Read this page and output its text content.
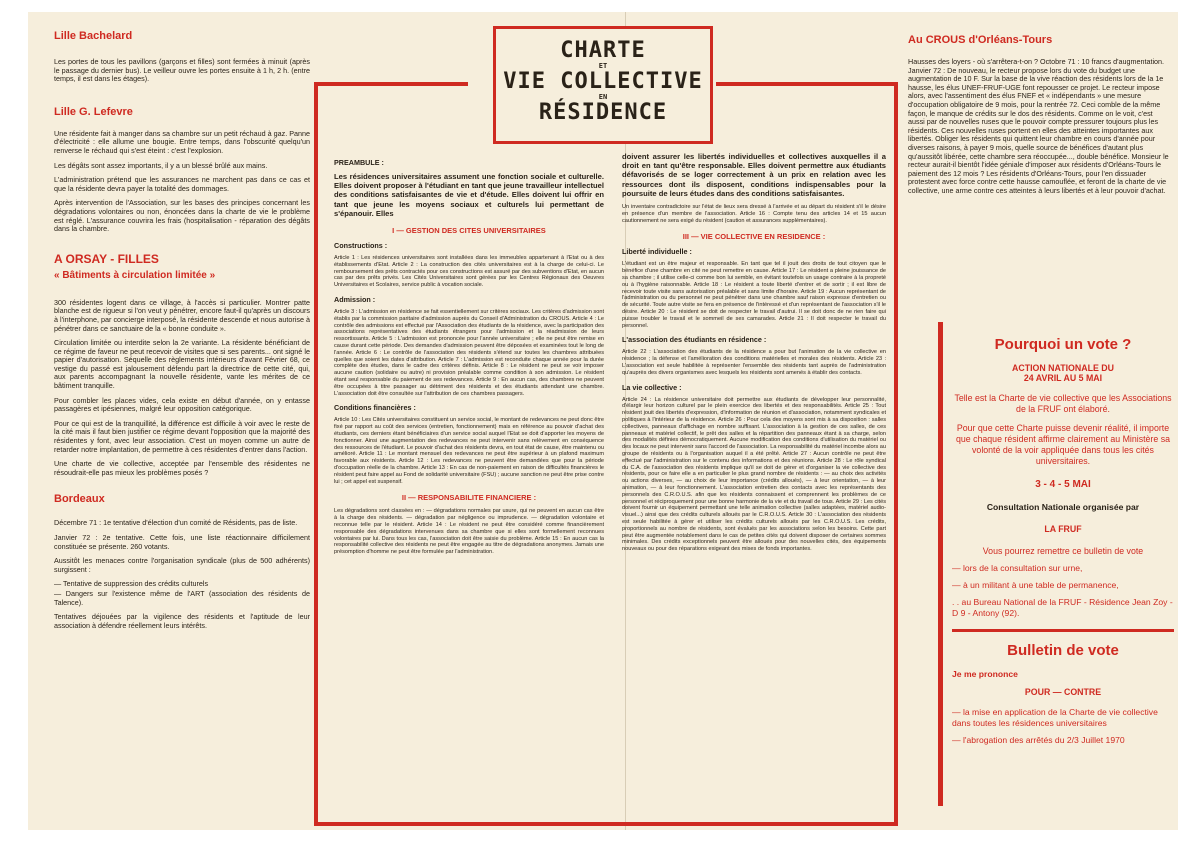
Lille Bachelard
Les portes de tous les pavillons (garçons et filles) sont fermées à minuit (après le passage du dernier bus). Le veilleur ouvre les portes ensuite à 1 h, 2 h. (entre temps, il est dans les étages).
Lille G. Lefevre
Une résidente fait à manger dans sa chambre sur un petit réchaud à gaz. Panne d'électricité : elle allume une bougie. Entre temps, dans l'obscurité quelqu'un renverse le réchaud qui s'est éteint : c'est l'explosion.
Les dégâts sont assez importants, il y a un blessé brûlé aux mains.
L'administration prétend que les assurances ne marchent pas dans ce cas et que la résidente devra payer la totalité des dommages.
Après intervention de l'Association, sur les bases des principes concernant les dégradations volontaires ou non, énoncées dans la charte de vie le problème est réglé. L'assurance couvrira les frais (hospitalisation - réparation des dégâts dans la chambre.
A ORSAY - FILLES
« Bâtiments à circulation limitée »
300 résidentes logent dans ce village, à l'accès si particulier. Montrer patte blanche est de rigueur si l'on veut y pénétrer, encore faut-il qu'après un discours à l'interphone, par concierge interposé, la résidente descende et nous autorise à pénétrer dans ce sanctuaire de la « bonne conduite ».
Circulation limitée ou interdite selon la 2e variante. La résidente bénéficiant de ce régime de faveur ne peut recevoir de visites que si ses parents... ont signé le papier d'autorisation. Séquelle des règlements intérieurs d'avant Février 68, ce vestige du passé est jalousement défendu part la directrice de cette cité, qui, aux parents accompagnant la nouvelle résidente, vante les mérites de ce bâtiment tranquille.
Pour combler les places vides, cela existe en début d'année, on y entasse passagères et ipésiennes, malgré leur opposition catégorique.
Pour ce qui est de la tranquillité, la différence est difficile à voir avec le reste de la cité mais il faut bien justifier ce régime devant l'opposition que la majorité des résidentes y font, avec leur association. C'est un moyen comme un autre de retarder notre implantation, de permettre à ces résidentes d'entrer dans l'action.
Une charte de vie collective, acceptée par l'ensemble des résidentes ne résoudrait-elle pas mieux les problèmes posés ?
Bordeaux
Décembre 71 : 1e tentative d'élection d'un comité de Résidents, pas de liste.
Janvier 72 : 2e tentative. Cette fois, une liste réactionnaire difficilement constituée se présente. 260 votants.
Aussitôt les menaces contre l'organisation syndicale (plus de 500 adhérents) surgissent :
— Tentative de suppression des crédits culturels
— Dangers sur l'existence même de l'ART (association des résidents de Talence).
Tentatives déjouées par la vigilence des résidents et l'aptitude de leur association à défendre réellement leurs intérêts.
CHARTE
ET
VIE COLLECTIVE
EN
RÉSIDENCE
PREAMBULE :
Les résidences universitaires assument une fonction sociale et culturelle. Elles doivent proposer à l'étudiant en tant que jeune travailleur intellectuel des conditions satisfaisantes de vie et d'étude. Elles doivent lui offrir en tant que jeune les moyens sociaux et culturels lui permettant de s'épanouir. Elles
I — GESTION DES CITES UNIVERSITAIRES
Constructions :
Article 1 : Les résidences universitaires sont installées dans les immeubles appartenant à l'Etat ou à des établissements d'Etat. Article 2 : La construction des cités universitaires est à la charge de celui-ci. Le remboursement des prêts contractés pour ces constructions est assuré par des subventions d'Etat, en aucun cas par des prêts privés. Les Cités Universitaires sont gérées par les Centres Régionaux des Oeuvres Universitaires et Scolaires, service public à vocation sociale.
Admission :
Article 3 : L'admission en résidence se fait essentiellement sur critères sociaux. Les critères d'admission sont établis par la commission paritaire d'admission auprès du Conseil d'Administration du CROUS. Article 4 : Le contrôle des admissions est effectué par l'Association des étudiants de la résidence, avec la participation des associations représentatives des étudiants étrangers pour l'admission et la réadmission de leurs ressortissants. Article 5 : L'admission est prononcée pour l'année universitaire ; elle ne peut être remise en cause durant cette période. Des demandes d'admission peuvent être déposées et examinées tout le long de l'année. Article 6 : Le contrôle de l'association des résidents s'étend sur toutes les chambres attribuées quelles que soient les dates d'attribution. Article 7 : L'admission est reconduite chaque année pour la durée complète des études, dans le cadre des critères définis. Article 8 : Le résident ne peut se voir imposer aucune caution (solidaire ou autre) ni provision préalable comme condition à son admission. Le résident étant seul responsable du paiement de ses redevances. Article 9 : En aucun cas, des chambres ne peuvent être occupées à titre passager au détriment des résidents et des étudiants attendant une chambre. L'association doit être consultée sur l'attribution de ces chambres passagers.
Conditions financières :
Article 10 : Les Cités universitaires constituent un service social, le montant de redevances ne peut donc être fixé par rapport au coût des services (entretien, fonctionnement) mais en référence au pouvoir d'achat des étudiants, ces derniers étant bénéficiaires d'un service social auquel l'Etat se doit d'apporter les moyens de fonctionner. Ainsi une augmentation des redevances ne peut intervenir sans relèvement en conséquence des ressources de l'étudiant. Le pouvoir d'achat des résidents devra, en tout état de cause, être maintenu ou amélioré. Article 11 : Le montant mensuel des redevances ne peut être supérieur à un plafond maximum favorable aux résidents. Article 12 : Les redevances ne peuvent être demandées que pour la période d'occupation réelle de la chambre. Article 13 : En cas de non-paiement en raison de difficultés financières le résident peut faire appel au Fond de solidarité universitaire (FSU) ; aucune sanction ne peut être prise contre lui ; cet appel est suspensif.
II — RESPONSABILITE FINANCIERE :
Les dégradations sont classées en : — dégradations normales par usure, qui ne peuvent en aucun cas être à la charge des résidents. — dégradation par négligence ou imprudence. — dégradation volontaire et reconnue telle par le résident. Article 14 : Le résident ne peut être considéré comme financièrement responsable des dégradations intervenues dans sa chambre que si elles sont formellement reconnues volontaires par lui. Dans tous les cas, l'association doit être saisie du problème. Article 15 : En aucun cas la responsabilité collective des résidents ne peut être engagée au titre de dégradations anonymes. Jamais une présomption d'homme ne peut être formulée par l'administration.
doivent assurer les libertés individuelles et collectives auxquelles il a droit en tant qu'être responsable. Elles doivent permettre aux étudiants défavorisés de se loger correctement à un prix en relation avec les ressources dont ils disposent, conditions indispensables pour la poursuite de leurs études dans des conditions satisfaisantes.
Un inventaire contradictoire sur l'état de lieux sera dressé à l'arrivée et au départ du résident s'il le désire en présence d'un membre de l'association. Article 16 : Compte tenu des articles 14 et 15 aucun cautionnement ne sera exigé du résident (caution et assurances supplémentaires).
III — VIE COLLECTIVE EN RESIDENCE :
Liberté individuelle :
L'étudiant est un être majeur et responsable. En tant que tel il jouit des droits de tout citoyen que le bénéfice d'une chambre en cité ne peut remettre en cause. Article 17 : Le résident a pleine jouissance de sa chambre ; il utilise celle-ci comme bon lui semble, en évitant toutefois un usage contraire à la propreté ou à l'hygiène raisonnable. Article 18 : Le résident a toute liberté d'entrer et de sortir ; il est libre de recevoir toute visite sans autorisation préalable et sans limite d'horaire. Article 19 : Aucun représentant de l'administration ou du personnel ne peut pénétrer dans une chambre sauf raison expresse d'entretien ou de sécurité. Toute autre visite se fera en présence de l'intéressé et d'un représentant de l'association s'il le désire. Article 20 : Le résident se doit de respecter le travail d'autrui. Il se doit donc de ne rien faire qui puisse troubler le travail et le sommeil de ses camarades. Article 21 : Il doit respecter le travail du personnel.
L'association des étudiants en résidence :
Article 22 : L'association des étudiants de la résidence a pour but l'animation de la vie collective en résidence ; la défense et l'amélioration des conditions matérielles et morales des résidents. Article 23 : L'association est seule habilitée à représenter l'ensemble des résidents tant auprès de l'administration qu'auprès des divers organismes avec lesquels les résidents sont amenés à établir des contacts.
La vie collective :
Article 24 : La résidence universitaire doit permettre aux étudiants de développer leur personnalité, d'élargir leur horizon culturel par le plein exercice des libertés et des responsabilités. Article 25 : Tout résident jouit des libertés d'expression, d'information de réunion et d'association, notamment syndicales et politiques à l'intérieur de la résidence. Article 26 : Pour cela des moyens sont mis à sa disposition : salles collectives, panneaux d'affichage en nombre suffisant. L'association à la gestion de ces salles, de ces panneaux et matériel collectif, le prêt des salles et la répartition des panneaux étant à sa charge, selon des modalités définies démocratiquement. Aucune modification des conditions d'utilisation du matériel ou des locaux ne peut intervenir sans l'accord de l'association. La responsabilité du matériel incombe alors au groupe de résidents ou à l'organisation auquel il a été prêté. Article 27 : Aucun contrôle ne peut être effectué par l'administration sur le contenu des informations et des réunions. Article 28 : Le rôle syndical du C.A. de l'association des résidents implique qu'il se doit de gérer et d'organiser la vie collective des résidents, pour ce faire elle a en particulier le plus grand nombre de résidents : — au choix des activités ou actions diverses, — au choix de leur importance (crédits alloués), — à leur orientation, — à leur animation, — à leur fonctionnement. L'association entretien des contacts avec les représentants des personnels des C.R.O.U.S. afin que les résidents connaissent et comprennent les problèmes de ce personnel et réciproquement pour une bonne harmonie de la vie et du travail de tous. Article 29 : Les cités doivent fournir un équipement permettant une telle animation collective (salles adaptées, matériel audio-visuel...) ainsi que des crédits culturels alloués par le C.R.O.U.S. Article 30 : L'association des résidents est seule habilitée à gérer et utiliser les crédits culturels alloués par les C.R.O.U.S. Les crédits, proportionnels au nombre de résidents, sont évalués par les associations selon les besoins. Cette part peut être augmentée notablement dans le cas de petites cités qui doivent disposer de certaines sommes minimales. Des crédits exceptionnels peuvent être alloués pour des nouvelles cités, des équipements nouveaux ou pour des réparations exigeant des mises de fonds importantes.
Au CROUS d'Orléans-Tours
Hausses des loyers - où s'arrêtera-t-on ? Octobre 71 : 10 francs d'augmentation. Janvier 72 : De nouveau, le recteur propose lors du vote du budget une augmentation de 10 F. Sur la base de la vive réaction des résidents lors de la 1e hausse, les élus UNEF-FRUF-UGE font repousser ce projet. Le recteur impose alors, avec l'assentiment des élus FNEF et « indépendants » une mesure d'occupation obligatoire de 9 mois, pour la rentrée 72. Ceci comble de la même façon, le manque de crédits sur le dos des résidents. Comme on le voit, c'est aussi par de nouvelles ruses que le pouvoir compte pressurer toujours plus les résidents. Ces nouvelles ruses portent en elles des atteintes importantes aux libertés. Obliger les résidents qui quittent leur chambre en cours d'année pour diverses raisons, à payer 9 mois, quelle source de bénéfices d'autant plus qu'aussitôt libérée, cette chambre sera réoccupée..., double bénéfice. Monsieur le recteur aurait-il bientôt l'idée géniale d'imposer aux résidents d'Orléans-Tours le paiement des 12 mois ? Les résidents d'Orléans-Tours, pour l'en dissuader protestent avec force contre cette hausse camouflée, et feront de la charte de vie collective, une arme contre ces atteintes à leurs libertés et à leur pouvoir d'achat.
Pourquoi un vote ?
ACTION NATIONALE DU
24 AVRIL AU 5 MAI
Telle est la Charte de vie collective que les Associations de la FRUF ont élaboré.
Pour que cette Charte puisse devenir réalité, il importe que chaque résident affirme clairement au Ministère sa volonté de la voir appliquée dans tous les cités universitaires.
3 - 4 - 5 MAI
Consultation Nationale organisée par
LA FRUF
Vous pourrez remettre ce bulletin de vote
— lors de la consultation sur urne,
— à un militant à une table de permanence,
. . au Bureau National de la FRUF - Résidence Jean Zoy - D 9 - Antony (92).
Bulletin de vote
Je me prononce
POUR — CONTRE
— la mise en application de la Charte de vie collective dans toutes les résidences universitaires
— l'abrogation des arrêtés du 2/3 Juillet 1970
